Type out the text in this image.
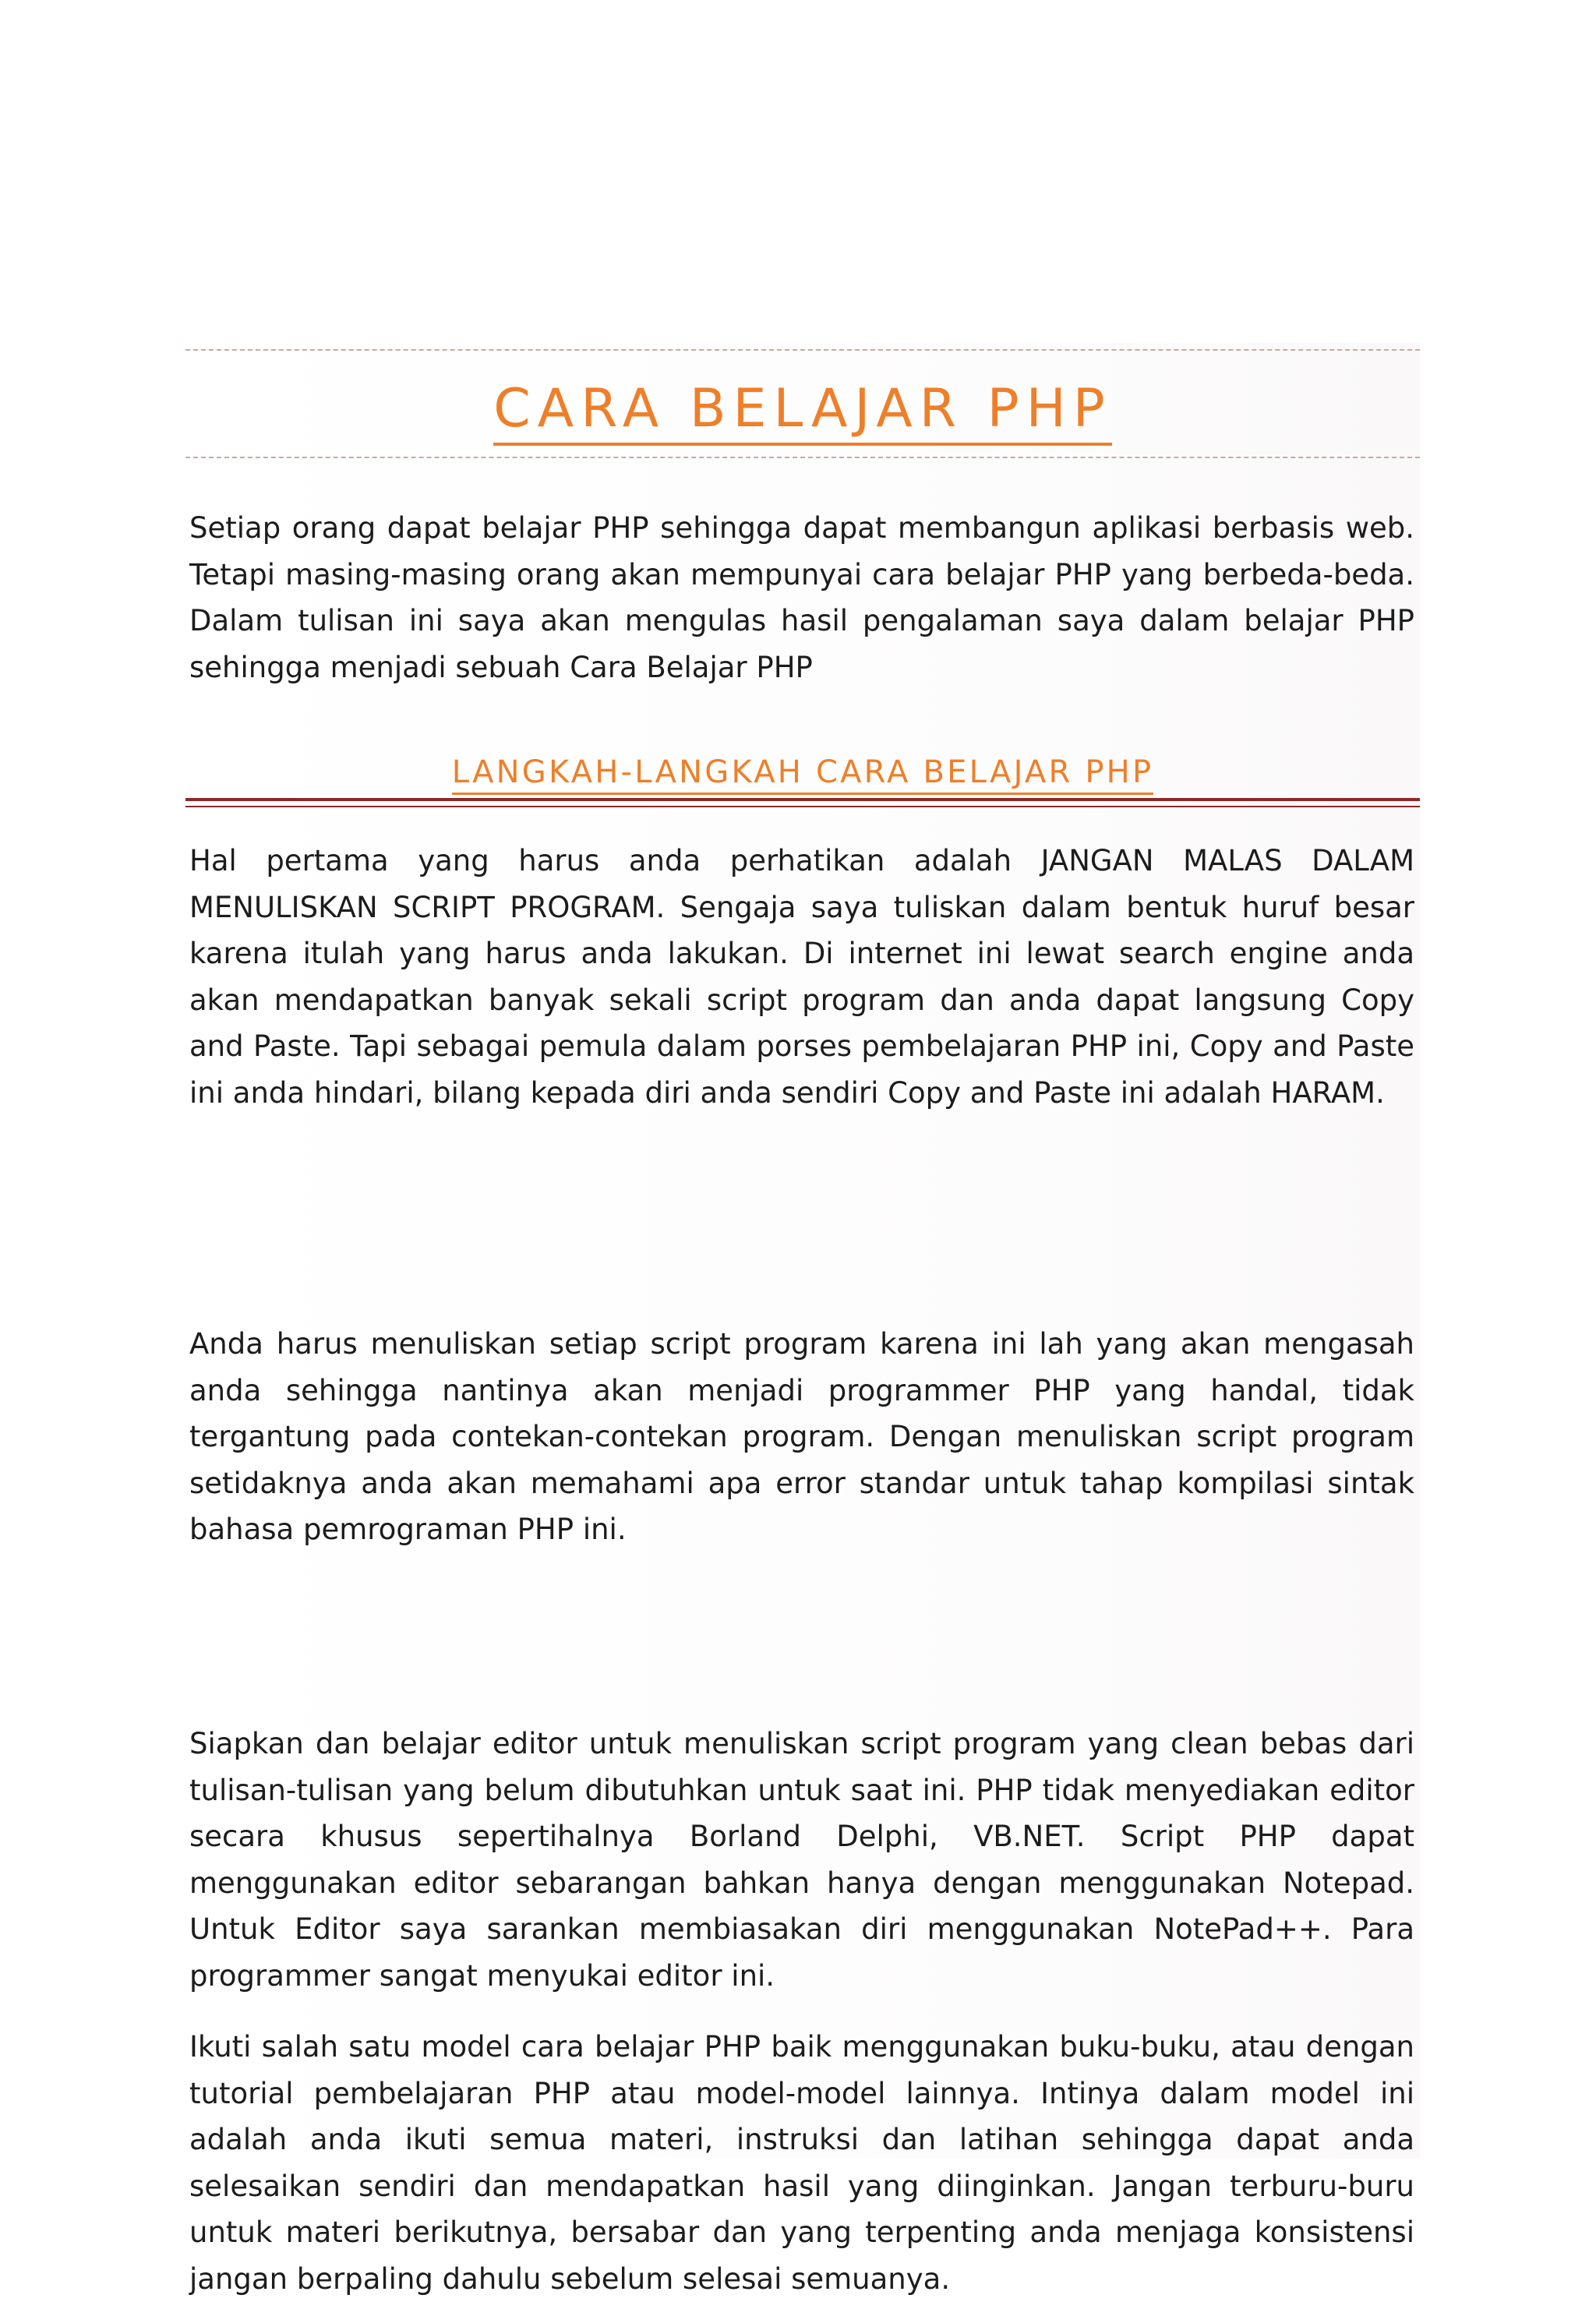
CARA BELAJAR PHP

Setiap orang dapat belajar PHP sehingga dapat membangun aplikasi berbasis web. Tetapi masing-masing orang akan mempunyai cara belajar PHP yang berbeda-beda. Dalam tulisan ini saya akan mengulas hasil pengalaman saya dalam belajar PHP sehingga menjadi sebuah Cara Belajar PHP

LANGKAH-LANGKAH CARA BELAJAR PHP

Hal pertama yang harus anda perhatikan adalah JANGAN MALAS DALAM MENULISKAN SCRIPT PROGRAM. Sengaja saya tuliskan dalam bentuk huruf besar karena itulah yang harus anda lakukan. Di internet ini lewat search engine anda akan mendapatkan banyak sekali script program dan anda dapat langsung Copy and Paste. Tapi sebagai pemula dalam porses pembelajaran PHP ini, Copy and Paste ini anda hindari, bilang kepada diri anda sendiri Copy and Paste ini adalah HARAM.

Anda harus menuliskan setiap script program karena ini lah yang akan mengasah anda sehingga nantinya akan menjadi programmer PHP yang handal, tidak tergantung pada contekan-contekan program. Dengan menuliskan script program setidaknya anda akan memahami apa error standar untuk tahap kompilasi sintak bahasa pemrograman PHP ini.

Siapkan dan belajar editor untuk menuliskan script program yang clean bebas dari tulisan-tulisan yang belum dibutuhkan untuk saat ini. PHP tidak menyediakan editor secara khusus sepertihalnya Borland Delphi, VB.NET. Script PHP dapat menggunakan editor sebarangan bahkan hanya dengan menggunakan Notepad. Untuk Editor saya sarankan membiasakan diri menggunakan NotePad++. Para programmer sangat menyukai editor ini.

Ikuti salah satu model cara belajar PHP baik menggunakan buku-buku, atau dengan tutorial pembelajaran PHP atau model-model lainnya. Intinya dalam model ini adalah anda ikuti semua materi, instruksi dan latihan sehingga dapat anda selesaikan sendiri dan mendapatkan hasil yang diinginkan. Jangan terburu-buru untuk materi berikutnya, bersabar dan yang terpenting anda menjaga konsistensi jangan berpaling dahulu sebelum selesai semuanya.
